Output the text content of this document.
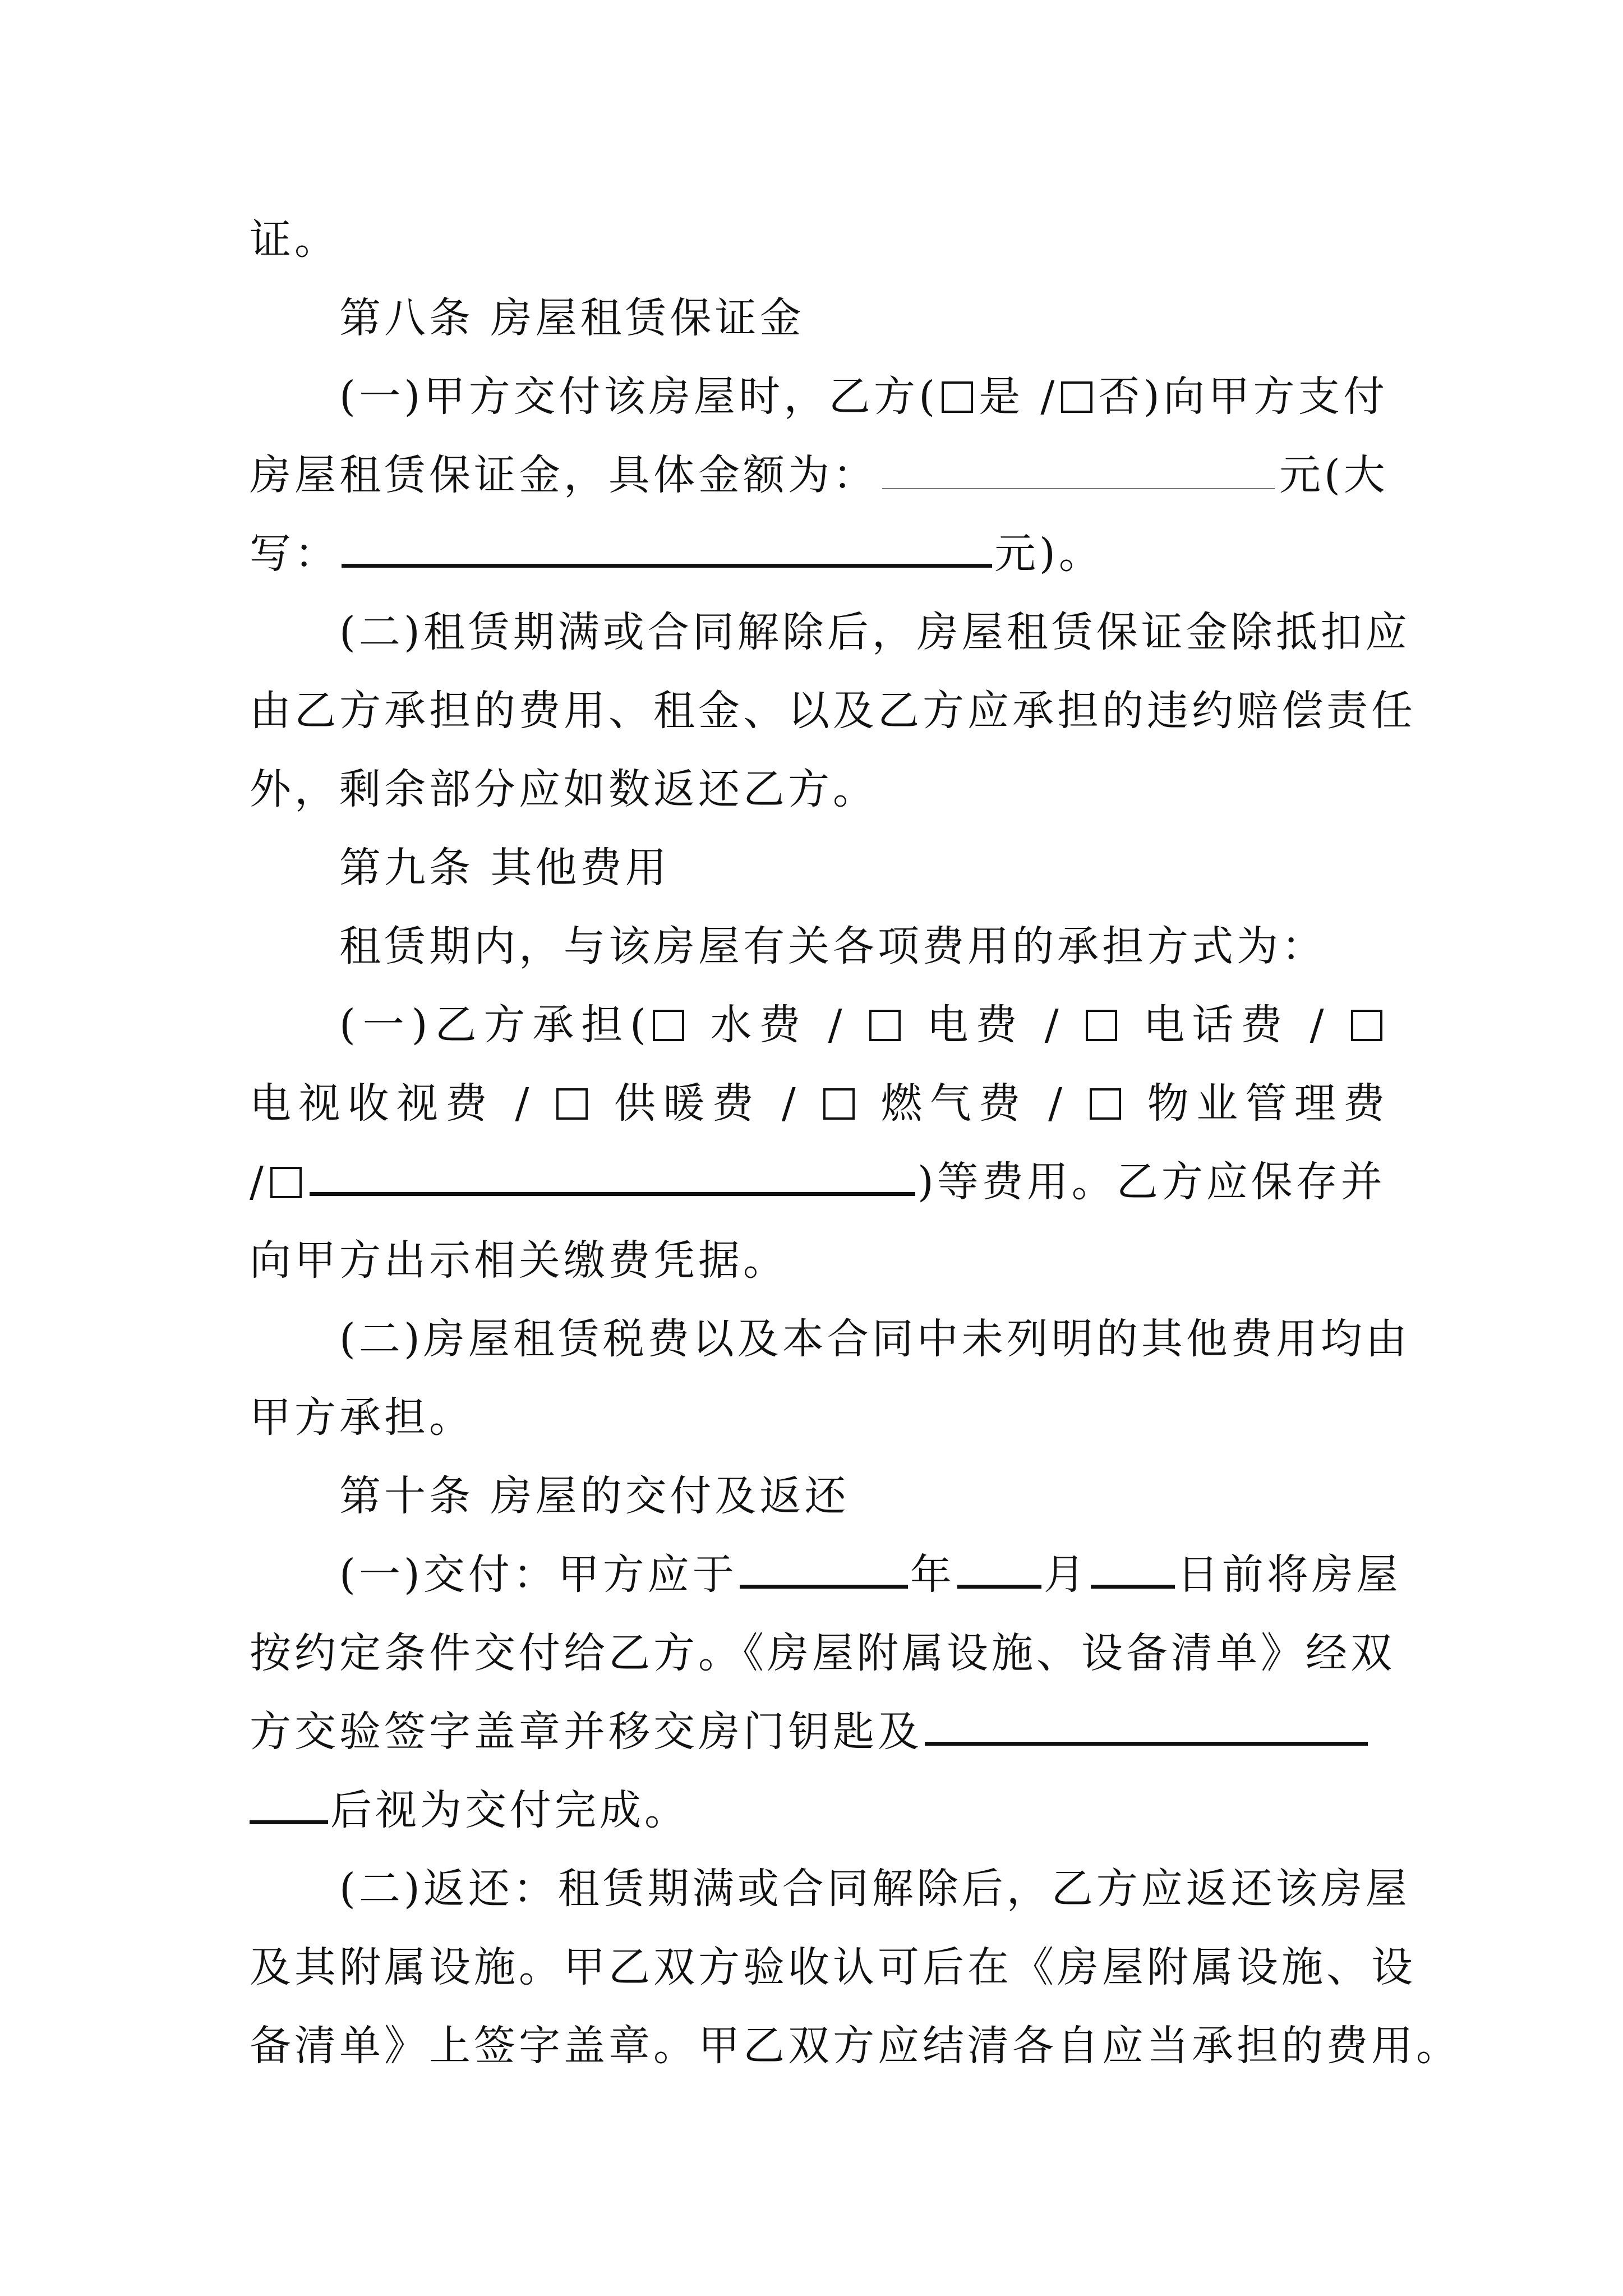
证。
第八条 房屋租赁保证金
(一)甲方交付该房屋时，乙方( 是 / 否)向甲方支付
房屋租赁保证金，具体金额为：	元(大
写：	元)。
(二)租赁期满或合同解除后，房屋租赁保证金除抵扣应
由乙方承担的费用、租金、以及乙方应承担的违约赔偿责任
外，剩余部分应如数返还乙方。
第九条 其他费用
租赁期内，与该房屋有关各项费用的承担方式为：
(一)乙方承担( 水费 /  电费 /  电话费 /
电视收视费 /  供暖费 /  燃气费 /  物业管理费
/	)等费用。乙方应保存并
向甲方出示相关缴费凭据。
(二)房屋租赁税费以及本合同中未列明的其他费用均由
甲方承担。
第十条 房屋的交付及返还
(一)交付：甲方应于	年 月 日前将房屋
按约定条件交付给乙方。《房屋附属设施、设备清单》经双
方交验签字盖章并移交房门钥匙及
后视为交付完成。
(二)返还：租赁期满或合同解除后，乙方应返还该房屋
及其附属设施。甲乙双方验收认可后在《房屋附属设施、设
备清单》上签字盖章。甲乙双方应结清各自应当承担的费用。
